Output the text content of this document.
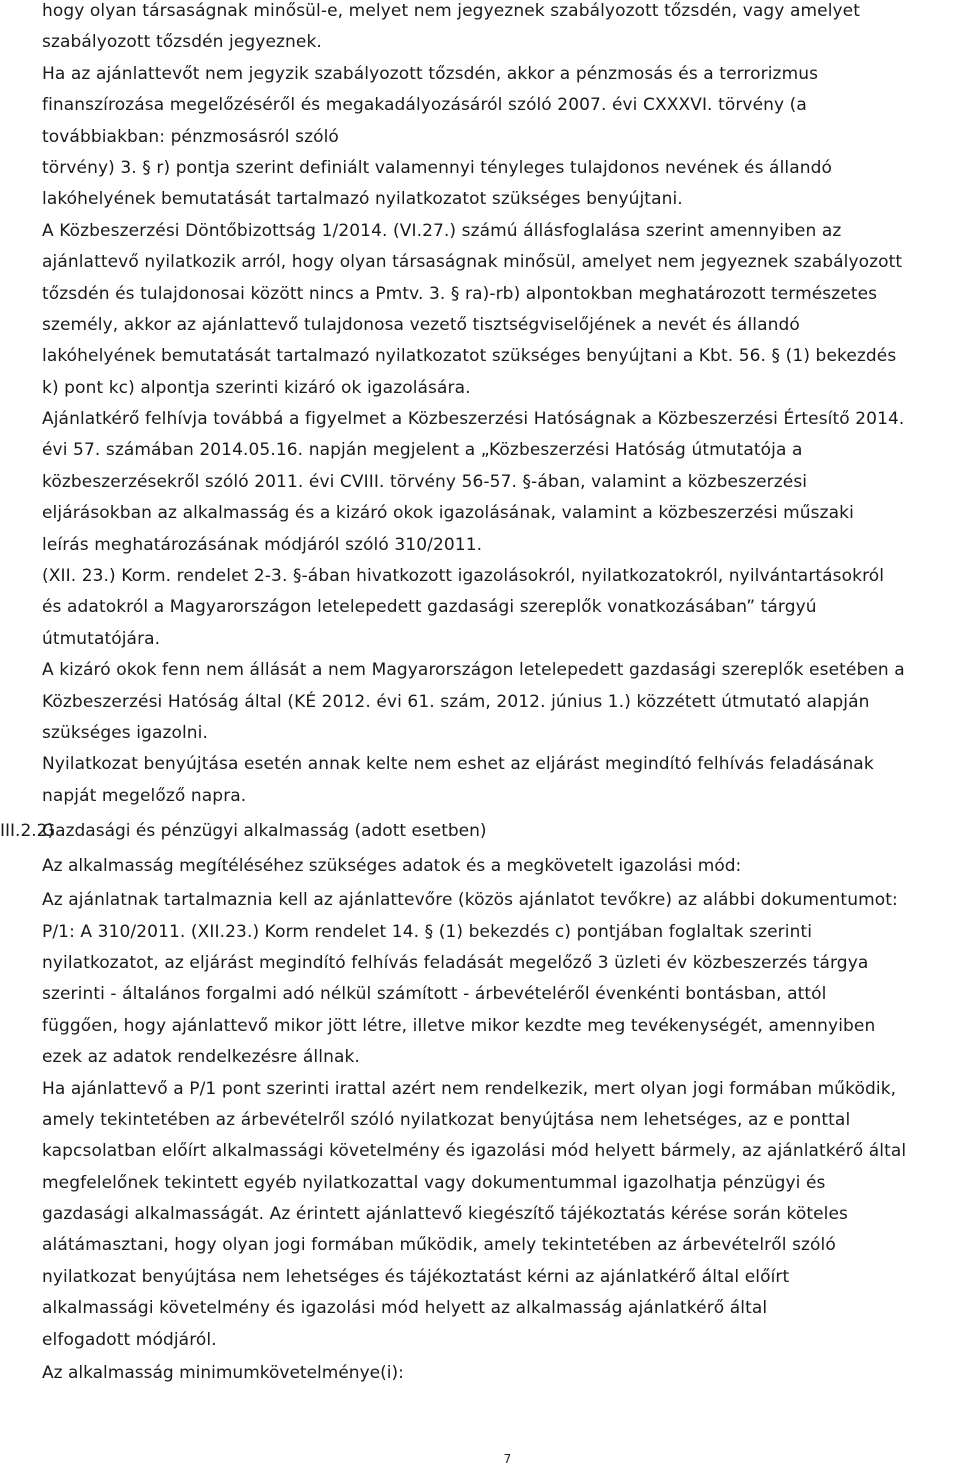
hogy olyan társaságnak minősül-e, melyet nem jegyeznek szabályozott tőzsdén, vagy amelyet
szabályozott tőzsdén jegyeznek.
Ha az ajánlattevőt nem jegyzik szabályozott tőzsdén, akkor a pénzmosás és a terrorizmus
finanszírozása megelőzéséről és megakadályozásáról szóló 2007. évi CXXXVI. törvény (a
továbbiakban: pénzmosásról szóló
törvény) 3. § r) pontja szerint definiált valamennyi tényleges tulajdonos nevének és állandó
lakóhelyének bemutatását tartalmazó nyilatkozatot szükséges benyújtani.
A Közbeszerzési Döntőbizottság 1/2014. (VI.27.) számú állásfoglalása szerint amennyiben az
ajánlattevő nyilatkozik arról, hogy olyan társaságnak minősül, amelyet nem jegyeznek szabályozott
tőzsdén és tulajdonosai között nincs a Pmtv. 3. § ra)-rb) alpontokban meghatározott természetes
személy, akkor az ajánlattevő tulajdonosa vezető tisztségviselőjének a nevét és állandó
lakóhelyének bemutatását tartalmazó nyilatkozatot szükséges benyújtani a Kbt. 56. § (1) bekezdés
k) pont kc) alpontja szerinti kizáró ok igazolására.
Ajánlatkérő felhívja továbbá a figyelmet a Közbeszerzési Hatóságnak a Közbeszerzési Értesítő 2014.
évi 57. számában 2014.05.16. napján megjelent a „Közbeszerzési Hatóság útmutatója a
közbeszerzésekről szóló 2011. évi CVIII. törvény 56-57. §-ában, valamint a közbeszerzési
eljárásokban az alkalmasság és a kizáró okok igazolásának, valamint a közbeszerzési műszaki
leírás meghatározásának módjáról szóló 310/2011.
(XII. 23.) Korm. rendelet 2-3. §-ában hivatkozott igazolásokról, nyilatkozatokról, nyilvántartásokról
és adatokról a Magyarországon letelepedett gazdasági szereplők vonatkozásában” tárgyú
útmutatójára.
A kizáró okok fenn nem állását a nem Magyarországon letelepedett gazdasági szereplők esetében a
Közbeszerzési Hatóság által (KÉ 2012. évi 61. szám, 2012. június 1.) közzétett útmutató alapján
szükséges igazolni.
Nyilatkozat benyújtása esetén annak kelte nem eshet az eljárást megindító felhívás feladásának
napját megelőző napra.
III.2.2)
Gazdasági és pénzügyi alkalmasság (adott esetben)
Az alkalmasság megítéléséhez szükséges adatok és a megkövetelt igazolási mód:
Az ajánlatnak tartalmaznia kell az ajánlattevőre (közös ajánlatot tevőkre) az alábbi dokumentumot:
P/1: A 310/2011. (XII.23.) Korm rendelet 14. § (1) bekezdés c) pontjában foglaltak szerinti
nyilatkozatot, az eljárást megindító felhívás feladását megelőző 3 üzleti év közbeszerzés tárgya
szerinti - általános forgalmi adó nélkül számított - árbevételéről évenkénti bontásban, attól
függően, hogy ajánlattevő mikor jött létre, illetve mikor kezdte meg tevékenységét, amennyiben
ezek az adatok rendelkezésre állnak.
Ha ajánlattevő a P/1 pont szerinti irattal azért nem rendelkezik, mert olyan jogi formában működik,
amely tekintetében az árbevételről szóló nyilatkozat benyújtása nem lehetséges, az e ponttal
kapcsolatban előírt alkalmassági követelmény és igazolási mód helyett bármely, az ajánlatkérő által
megfelelőnek tekintett egyéb nyilatkozattal vagy dokumentummal igazolhatja pénzügyi és
gazdasági alkalmasságát. Az érintett ajánlattevő kiegészítő tájékoztatás kérése során köteles
alátámasztani, hogy olyan jogi formában működik, amely tekintetében az árbevételről szóló
nyilatkozat benyújtása nem lehetséges és tájékoztatást kérni az ajánlatkérő által előírt
alkalmassági követelmény és igazolási mód helyett az alkalmasság ajánlatkérő által
elfogadott módjáról.
Az alkalmasság minimumkövetelménye(i):
7
